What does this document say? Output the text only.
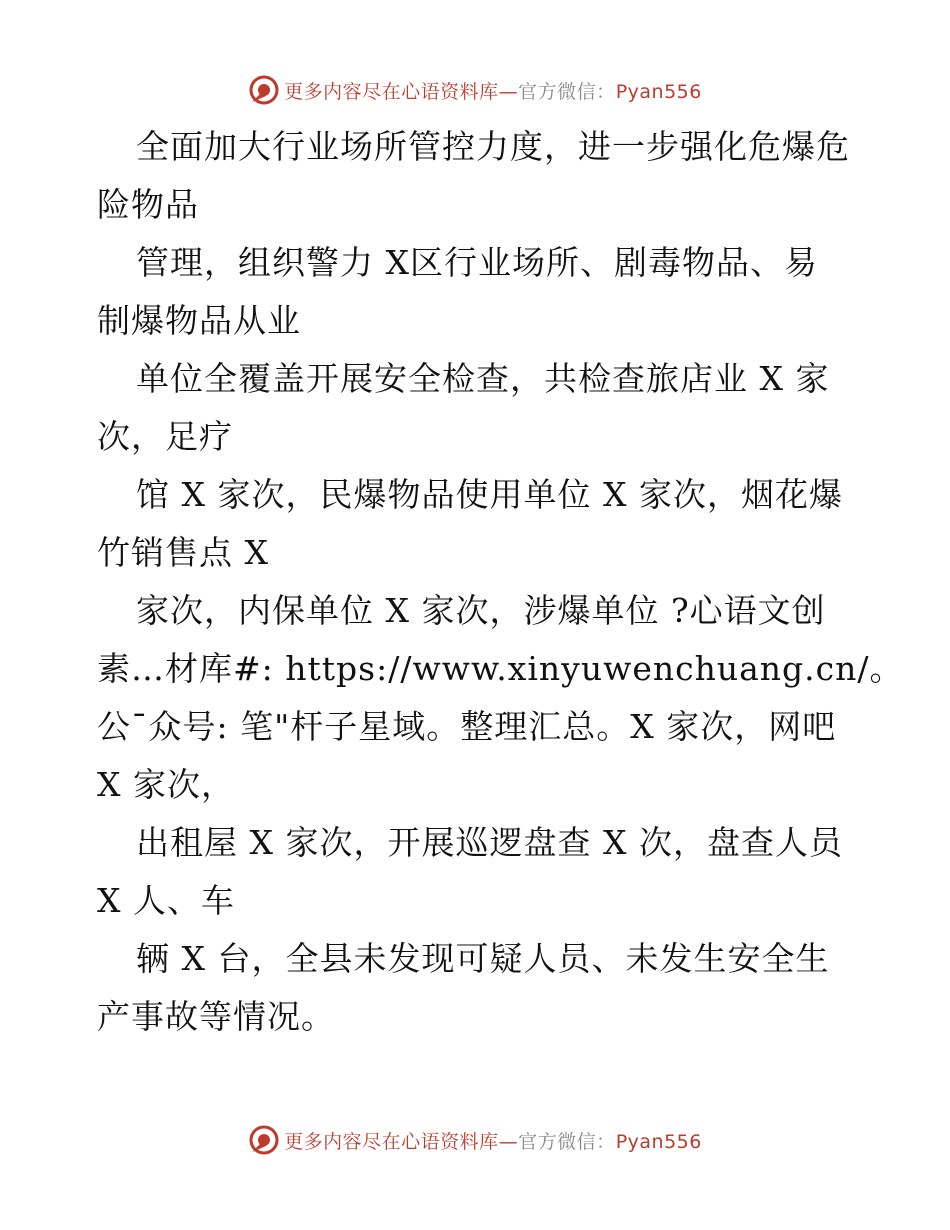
更多内容尽在心语资料库—官方微信：Pyan556
全面加大行业场所管控力度，进一步强化危爆危
险物品
管理，组织警力 X区行业场所、剧毒物品、易
制爆物品从业
单位全覆盖开展安全检查，共检查旅店业 X 家
次，足疗
馆 X 家次，民爆物品使用单位 X 家次，烟花爆
竹销售点 X
家次，内保单位 X 家次，涉爆单位 ?心语文创
素…材库#: https://www.xinyuwenchuang.cn/。
公¯众号: 笔"杆子星域。整理汇总。X 家次，网吧
X 家次，
出租屋 X 家次，开展巡逻盘查 X 次，盘查人员
X 人、车
辆 X 台，全县未发现可疑人员、未发生安全生
产事故等情况。
更多内容尽在心语资料库—官方微信：Pyan556
